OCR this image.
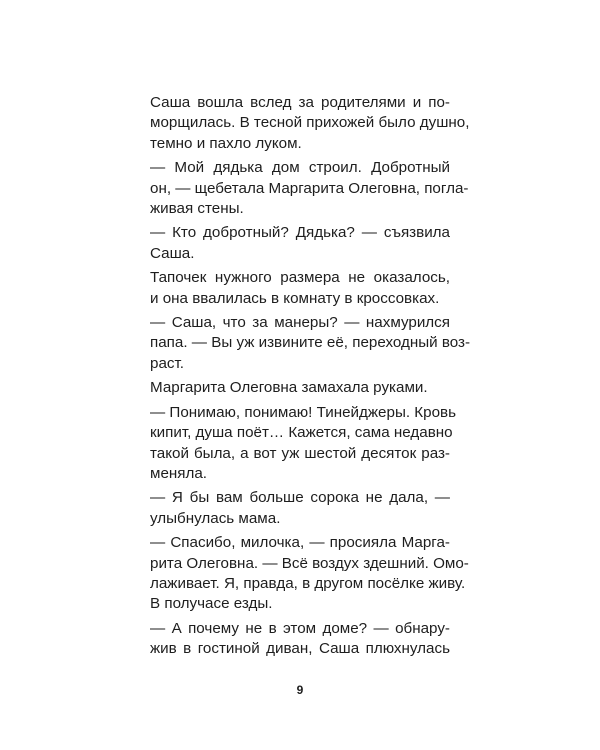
Саша вошла вслед за родителями и по-
морщилась. В тесной прихожей было душно,
темно и пахло луком.

— Мой дядька дом строил. Добротный
он, — щебетала Маргарита Олеговна, погла-
живая стены.

— Кто добротный? Дядька? — съязвила
Саша.

Тапочек нужного размера не оказалось,
и она ввалилась в комнату в кроссовках.

— Саша, что за манеры? — нахмурился
папа. — Вы уж извините её, переходный воз-
раст.

Маргарита Олеговна замахала руками.

— Понимаю, понимаю! Тинейджеры. Кровь
кипит, душа поёт… Кажется, сама недавно
такой была, а вот уж шестой десяток раз-
меняла.

— Я бы вам больше сорока не дала, —
улыбнулась мама.

— Спасибо, милочка, — просияла Марга-
рита Олеговна. — Всё воздух здешний. Омо-
лаживает. Я, правда, в другом посёлке живу.
В получасе езды.

— А почему не в этом доме? — обнару-
жив в гостиной диван, Саша плюхнулась

9
